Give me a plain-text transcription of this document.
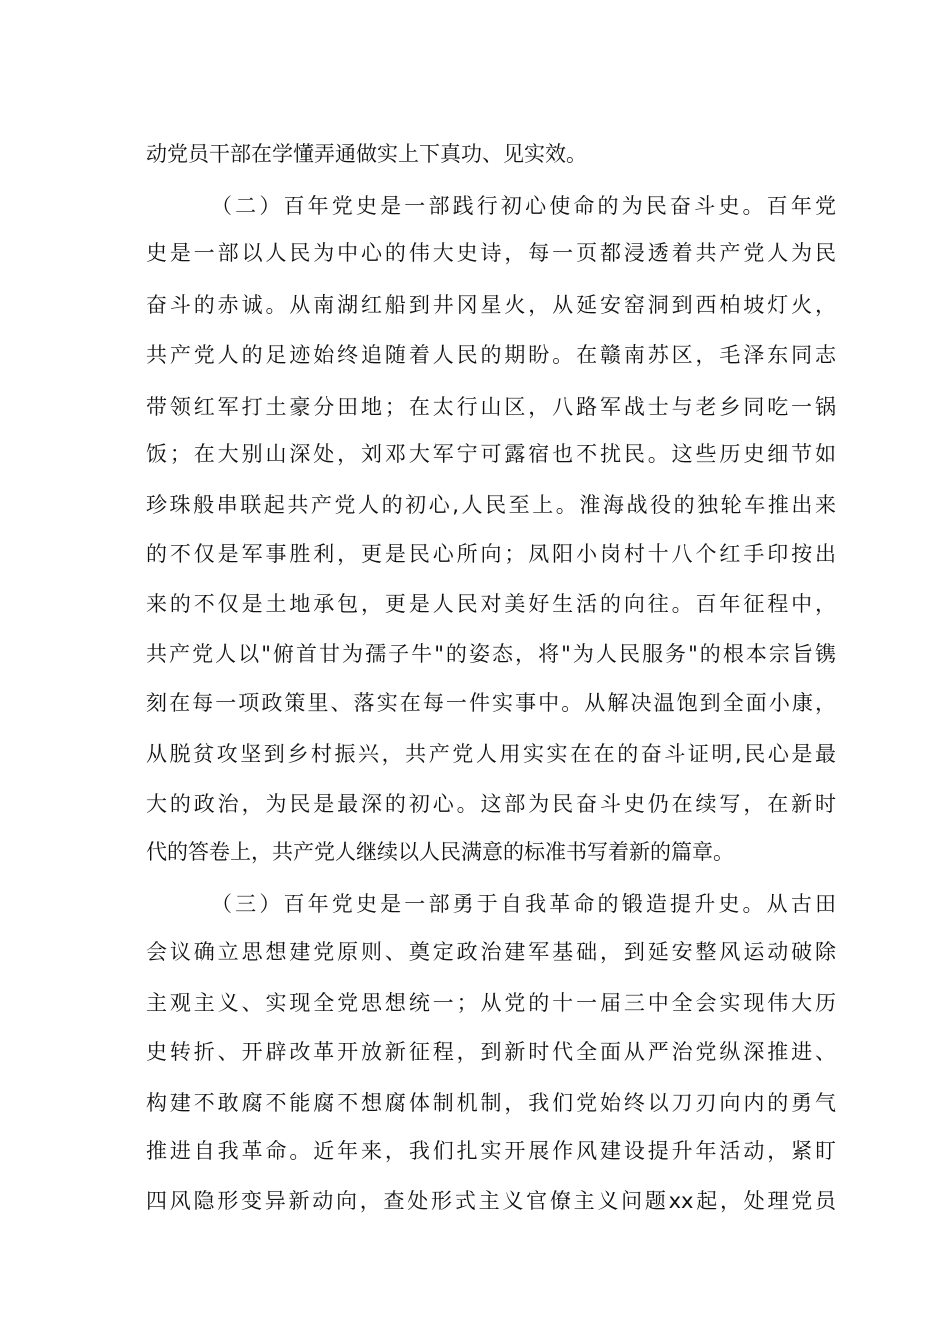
动党员干部在学懂弄通做实上下真功、见实效。
（二）百年党史是一部践行初心使命的为民奋斗史。百年党
史是一部以人民为中心的伟大史诗，每一页都浸透着共产党人为民
奋斗的赤诚。从南湖红船到井冈星火，从延安窑洞到西柏坡灯火，
共产党人的足迹始终追随着人民的期盼。在赣南苏区，毛泽东同志
带领红军打土豪分田地；在太行山区，八路军战士与老乡同吃一锅
饭；在大别山深处，刘邓大军宁可露宿也不扰民。这些历史细节如
珍珠般串联起共产党人的初心,人民至上。淮海战役的独轮车推出来
的不仅是军事胜利，更是民心所向；凤阳小岗村十八个红手印按出
来的不仅是土地承包，更是人民对美好生活的向往。百年征程中，
共产党人以"俯首甘为孺子牛"的姿态，将"为人民服务"的根本宗旨镌
刻在每一项政策里、落实在每一件实事中。从解决温饱到全面小康，
从脱贫攻坚到乡村振兴，共产党人用实实在在的奋斗证明,民心是最
大的政治，为民是最深的初心。这部为民奋斗史仍在续写，在新时
代的答卷上，共产党人继续以人民满意的标准书写着新的篇章。
（三）百年党史是一部勇于自我革命的锻造提升史。从古田
会议确立思想建党原则、奠定政治建军基础，到延安整风运动破除
主观主义、实现全党思想统一；从党的十一届三中全会实现伟大历
史转折、开辟改革开放新征程，到新时代全面从严治党纵深推进、
构建不敢腐不能腐不想腐体制机制，我们党始终以刀刃向内的勇气
推进自我革命。近年来，我们扎实开展作风建设提升年活动，紧盯
四风隐形变异新动向，查处形式主义官僚主义问题xx起，处理党员
